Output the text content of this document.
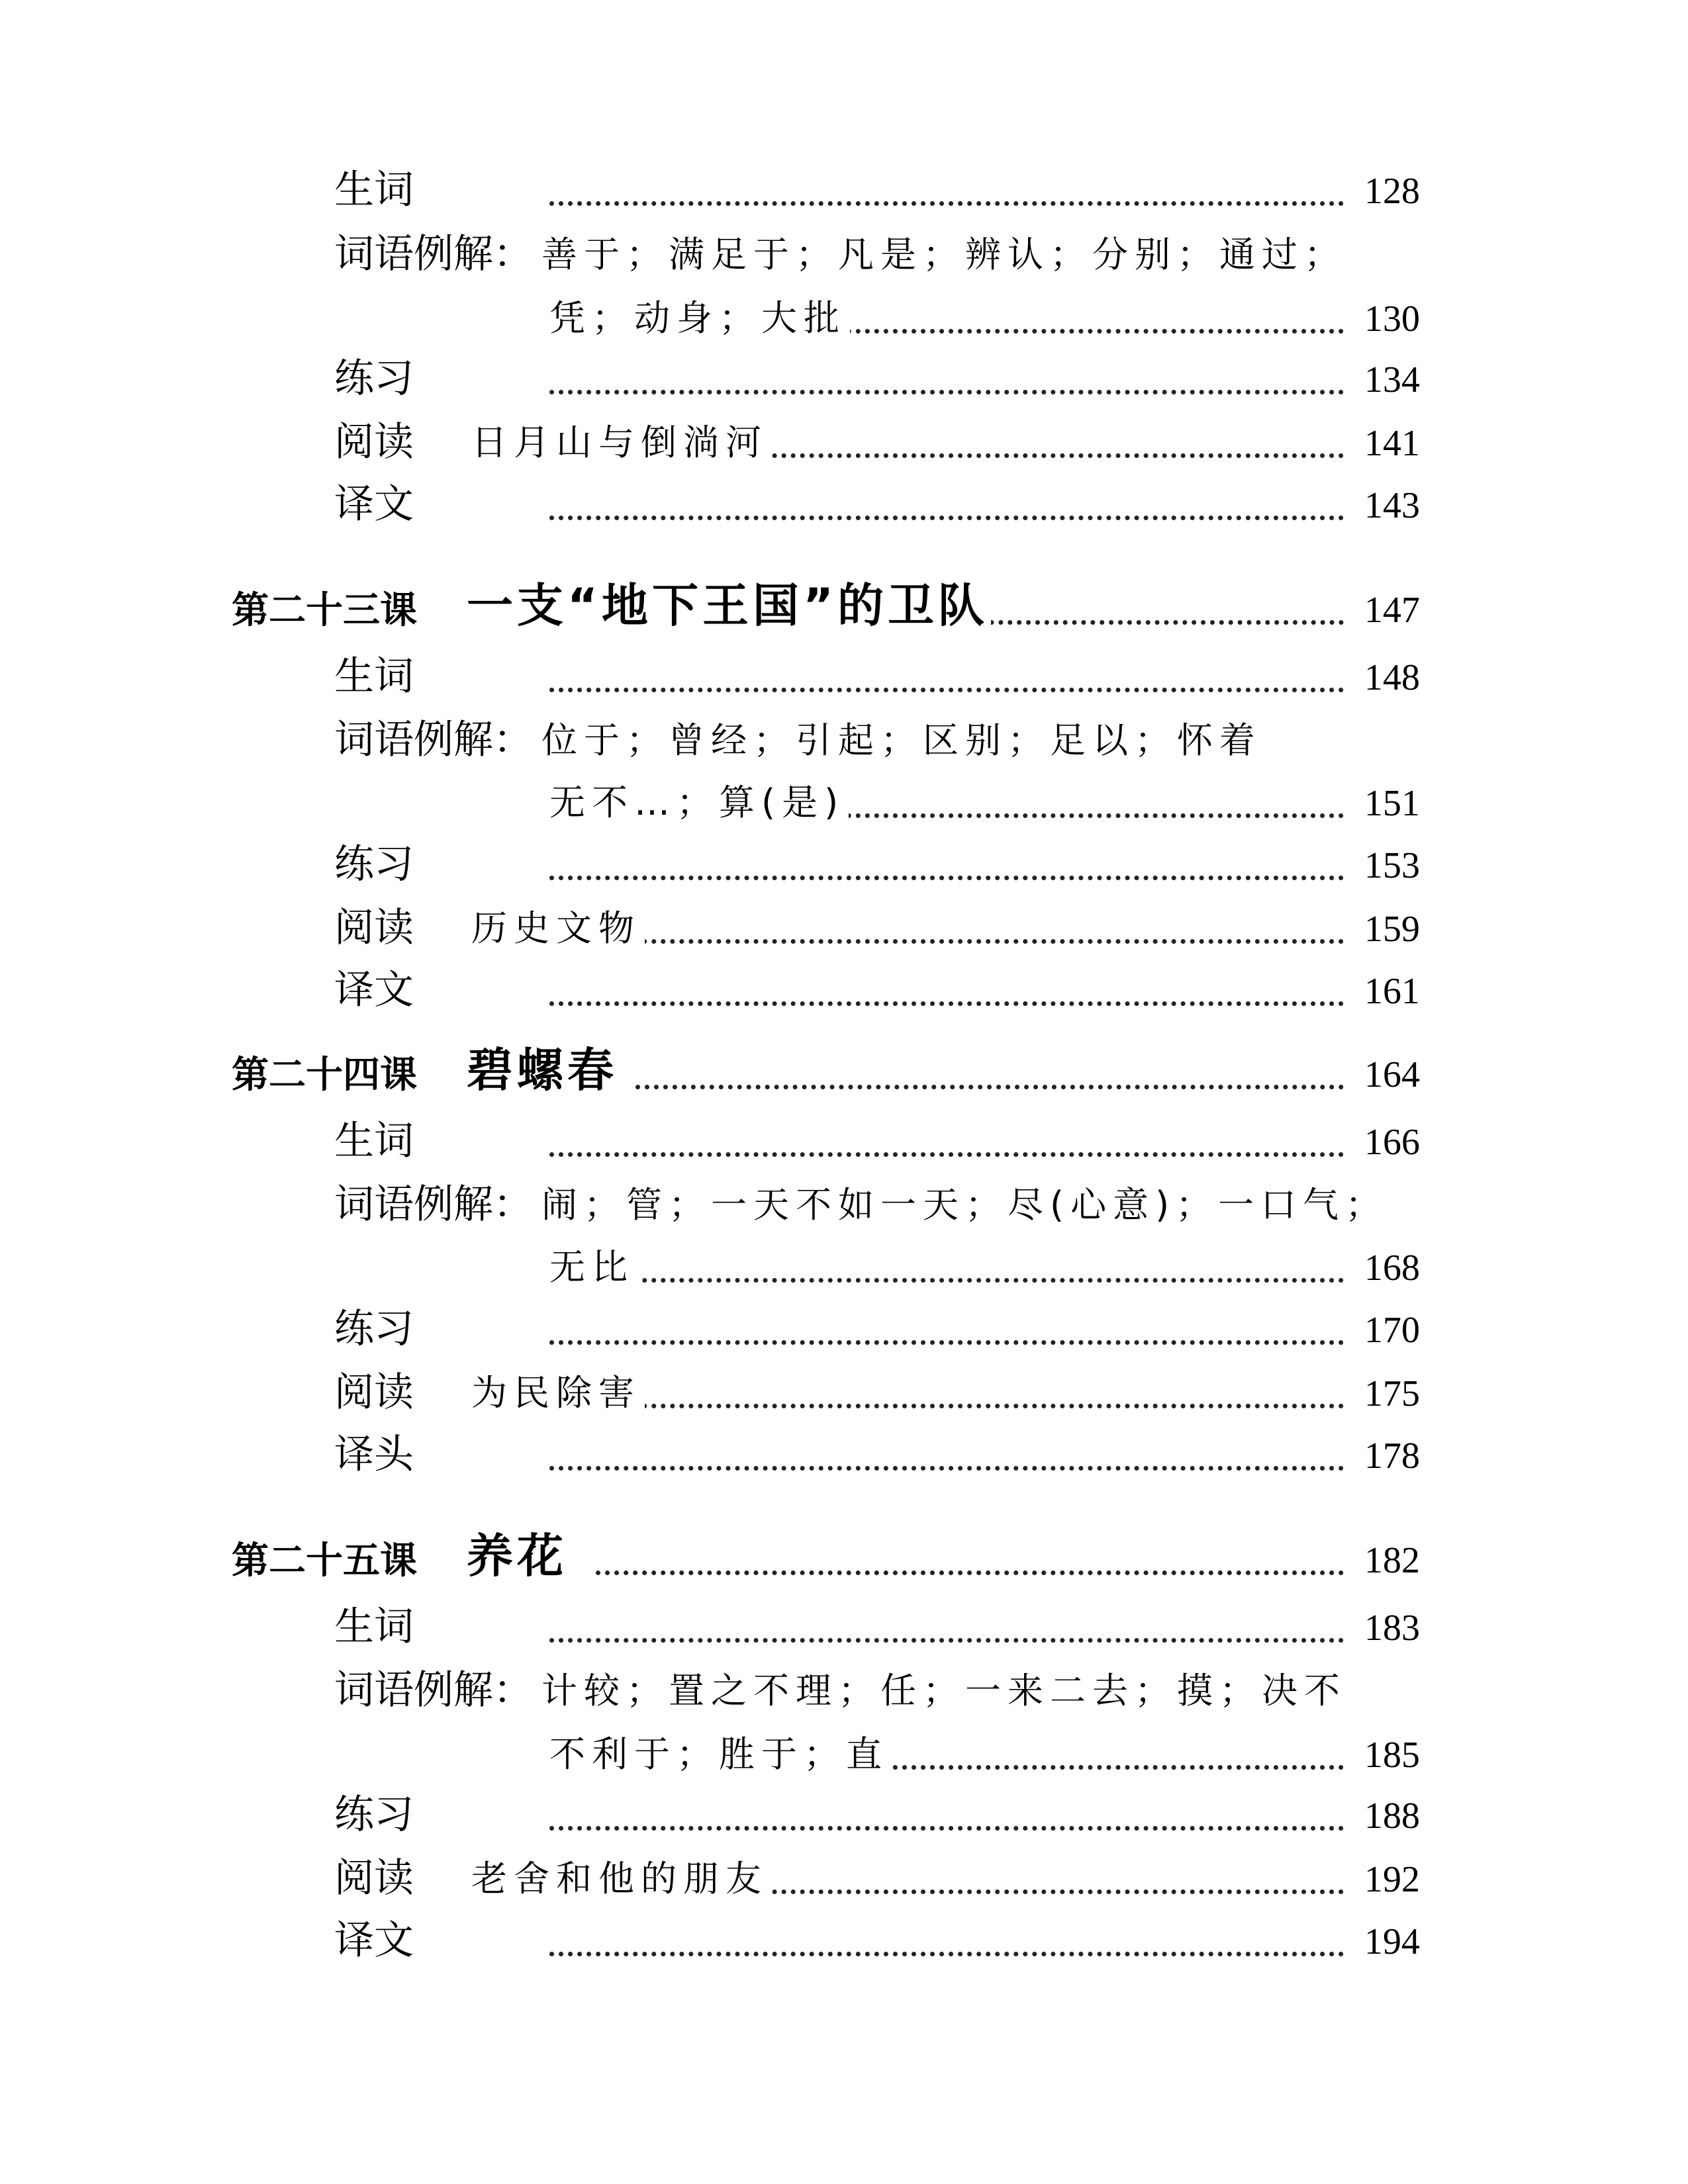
生词	128
词语例解： 善于；满足于；凡是；辨认；分别；通过；
凭；动身；大批	130
练习	134
阅读 日月山与倒淌河	141
译文	143
第二十三课 一支“地下王国”的卫队	147
生词	148
词语例解： 位于；曾经；引起；区别；足以；怀着
无不…；算(是)	151
练习	153
阅读 历史文物	159
译文	161
第二十四课 碧螺春	164
生词	166
词语例解： 闹；管；一天不如一天；尽(心意)；一口气；
无比	168
练习	170
阅读 为民除害	175
译头	178
第二十五课 养花	182
生词	183
词语例解： 计较；置之不理；任；一来二去；摸；决不
不利于；胜于；直	185
练习	188
阅读 老舍和他的朋友	192
译文	194
